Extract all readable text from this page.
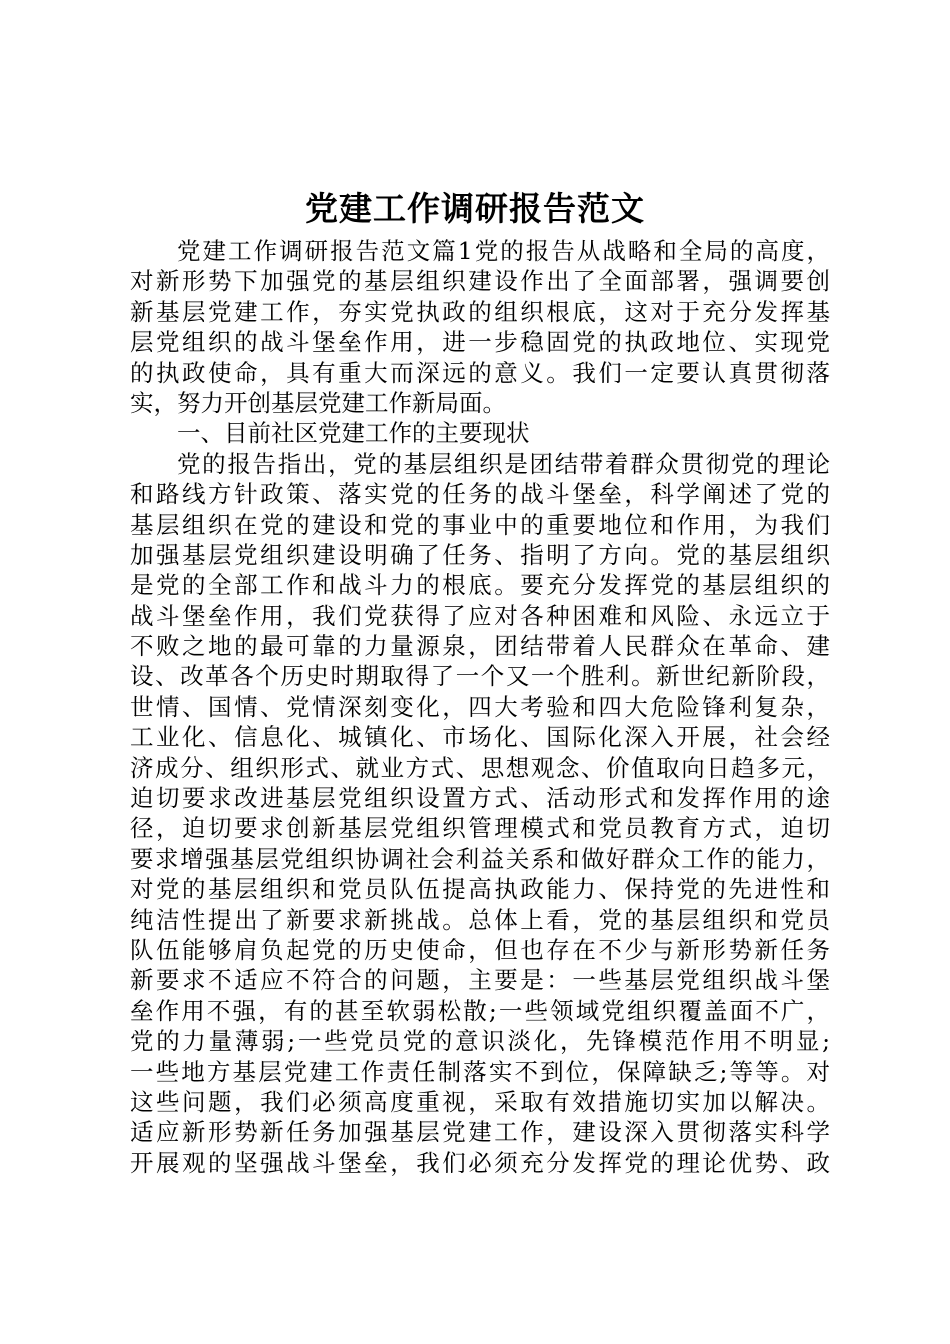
党建工作调研报告范文
党建工作调研报告范文篇1党的报告从战略和全局的高度，
对新形势下加强党的基层组织建设作出了全面部署，强调要创
新基层党建工作，夯实党执政的组织根底，这对于充分发挥基
层党组织的战斗堡垒作用，进一步稳固党的执政地位、实现党
的执政使命，具有重大而深远的意义。我们一定要认真贯彻落
实，努力开创基层党建工作新局面。
一、目前社区党建工作的主要现状
党的报告指出，党的基层组织是团结带着群众贯彻党的理论
和路线方针政策、落实党的任务的战斗堡垒，科学阐述了党的
基层组织在党的建设和党的事业中的重要地位和作用，为我们
加强基层党组织建设明确了任务、指明了方向。党的基层组织
是党的全部工作和战斗力的根底。要充分发挥党的基层组织的
战斗堡垒作用，我们党获得了应对各种困难和风险、永远立于
不败之地的最可靠的力量源泉，团结带着人民群众在革命、建
设、改革各个历史时期取得了一个又一个胜利。新世纪新阶段，
世情、国情、党情深刻变化，四大考验和四大危险锋利复杂，
工业化、信息化、城镇化、市场化、国际化深入开展，社会经
济成分、组织形式、就业方式、思想观念、价值取向日趋多元，
迫切要求改进基层党组织设置方式、活动形式和发挥作用的途
径，迫切要求创新基层党组织管理模式和党员教育方式，迫切
要求增强基层党组织协调社会利益关系和做好群众工作的能力，
对党的基层组织和党员队伍提高执政能力、保持党的先进性和
纯洁性提出了新要求新挑战。总体上看，党的基层组织和党员
队伍能够肩负起党的历史使命，但也存在不少与新形势新任务
新要求不适应不符合的问题，主要是：一些基层党组织战斗堡
垒作用不强，有的甚至软弱松散;一些领域党组织覆盖面不广，
党的力量薄弱;一些党员党的意识淡化，先锋模范作用不明显;
一些地方基层党建工作责任制落实不到位，保障缺乏;等等。对
这些问题，我们必须高度重视，采取有效措施切实加以解决。
适应新形势新任务加强基层党建工作，建设深入贯彻落实科学
开展观的坚强战斗堡垒，我们必须充分发挥党的理论优势、政
